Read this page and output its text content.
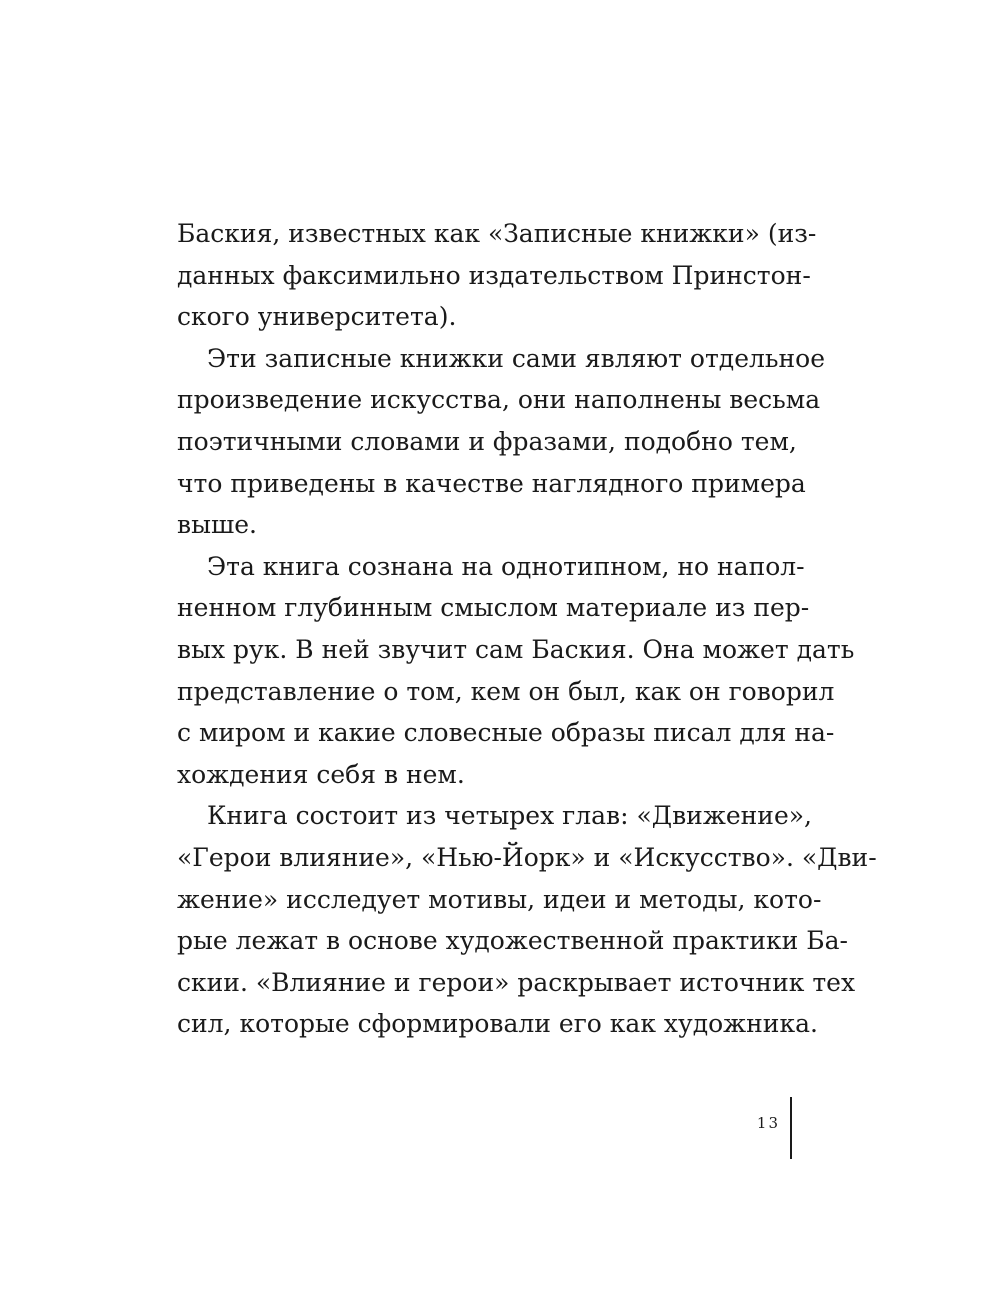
Баския, известных как «Записные книжки» (из-
данных факсимильно издательством Принстон-
ского университета).
Эти записные книжки сами являют отдельное
произведение искусства, они наполнены весьма
поэтичными словами и фразами, подобно тем,
что приведены в качестве наглядного примера
выше.
Эта книга сознана на однотипном, но напол-
ненном глубинным смыслом материале из пер-
вых рук. В ней звучит сам Баския. Она может дать
представление о том, кем он был, как он говорил
с миром и какие словесные образы писал для на-
хождения себя в нем.
Книга состоит из четырех глав: «Движение»,
«Герои влияние», «Нью-Йорк» и «Искусство». «Дви-
жение» исследует мотивы, идеи и методы, кото-
рые лежат в основе художественной практики Ба-
скии. «Влияние и герои» раскрывает источник тех
сил, которые сформировали его как художника.
13
